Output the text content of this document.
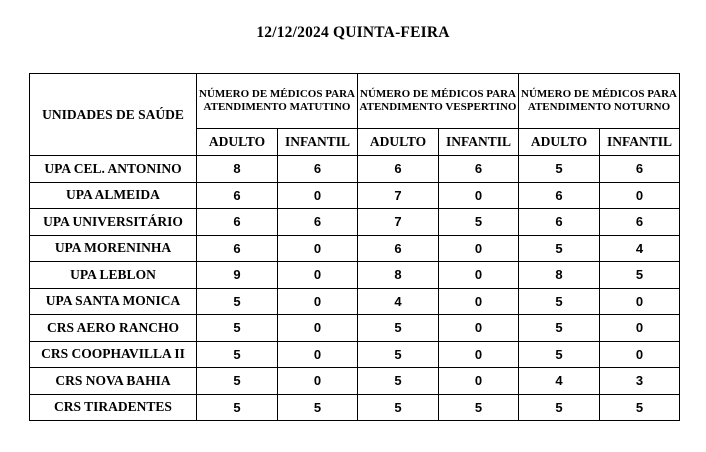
12/12/2024 QUINTA-FEIRA
UNIDADES DE SAÚDE	NÚMERO DE MÉDICOS PARA ATENDIMENTO MATUTINO		NÚMERO DE MÉDICOS PARA ATENDIMENTO VESPERTINO		NÚMERO DE MÉDICOS PARA ATENDIMENTO NOTURNO	
	ADULTO	INFANTIL	ADULTO	INFANTIL	ADULTO	INFANTIL
UPA CEL. ANTONINO	8	6	6	6	5	6
UPA ALMEIDA	6	0	7	0	6	0
UPA UNIVERSITÁRIO	6	6	7	5	6	6
UPA MORENINHA	6	0	6	0	5	4
UPA LEBLON	9	0	8	0	8	5
UPA SANTA MONICA	5	0	4	0	5	0
CRS AERO RANCHO	5	0	5	0	5	0
CRS COOPHAVILLA II	5	0	5	0	5	0
CRS NOVA BAHIA	5	0	5	0	4	3
CRS TIRADENTES	5	5	5	5	5	5
